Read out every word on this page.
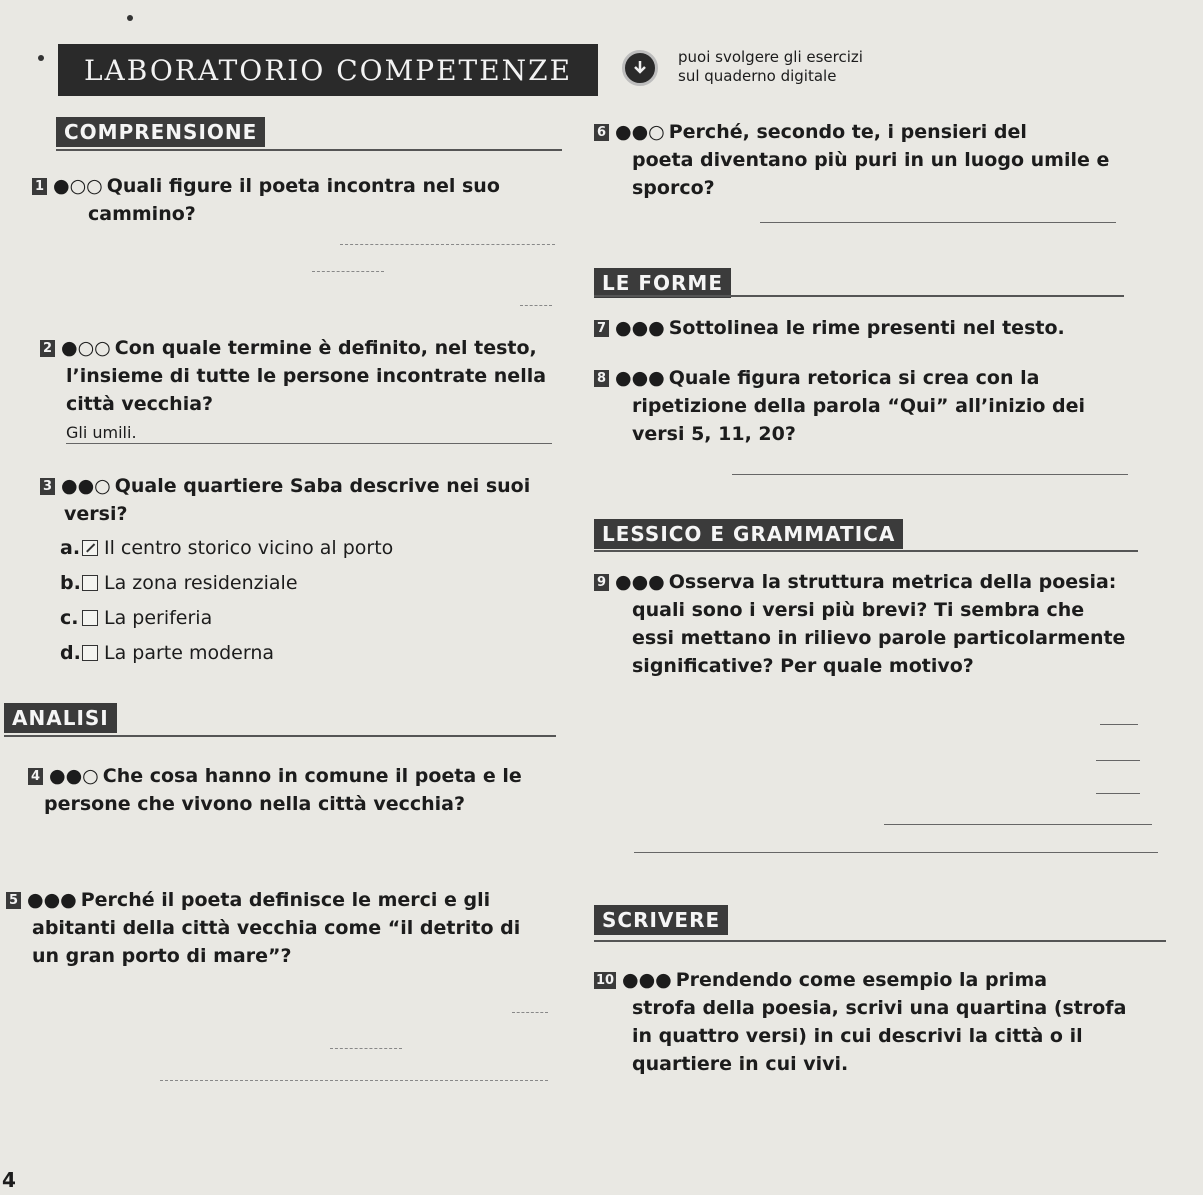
LABORATORIO COMPETENZE	puoi svolgere gli esercizi
sul quaderno digitale
COMPRENSIONE
1 ●○○ Quali figure il poeta incontra nel suo
cammino?
2 ●○○ Con quale termine è definito, nel testo,
l’insieme di tutte le persone incontrate nella
città vecchia?
Gli umili.
3 ●●○ Quale quartiere Saba descrive nei suoi
versi?
a. Il centro storico vicino al porto
b. La zona residenziale
c. La periferia
d. La parte moderna
ANALISI
4 ●●○ Che cosa hanno in comune il poeta e le
persone che vivono nella città vecchia?
5 ●●● Perché il poeta definisce le merci e gli
abitanti della città vecchia come “il detrito di
un gran porto di mare”?
4
6 ●●○ Perché, secondo te, i pensieri del
poeta diventano più puri in un luogo umile e
sporco?
LE FORME
7 ●●● Sottolinea le rime presenti nel testo.
8 ●●● Quale figura retorica si crea con la
ripetizione della parola “Qui” all’inizio dei
versi 5, 11, 20?
LESSICO E GRAMMATICA
9 ●●● Osserva la struttura metrica della poesia:
quali sono i versi più brevi? Ti sembra che
essi mettano in rilievo parole particolarmente
significative? Per quale motivo?
SCRIVERE
10 ●●● Prendendo come esempio la prima
strofa della poesia, scrivi una quartina (strofa
in quattro versi) in cui descrivi la città o il
quartiere in cui vivi.
